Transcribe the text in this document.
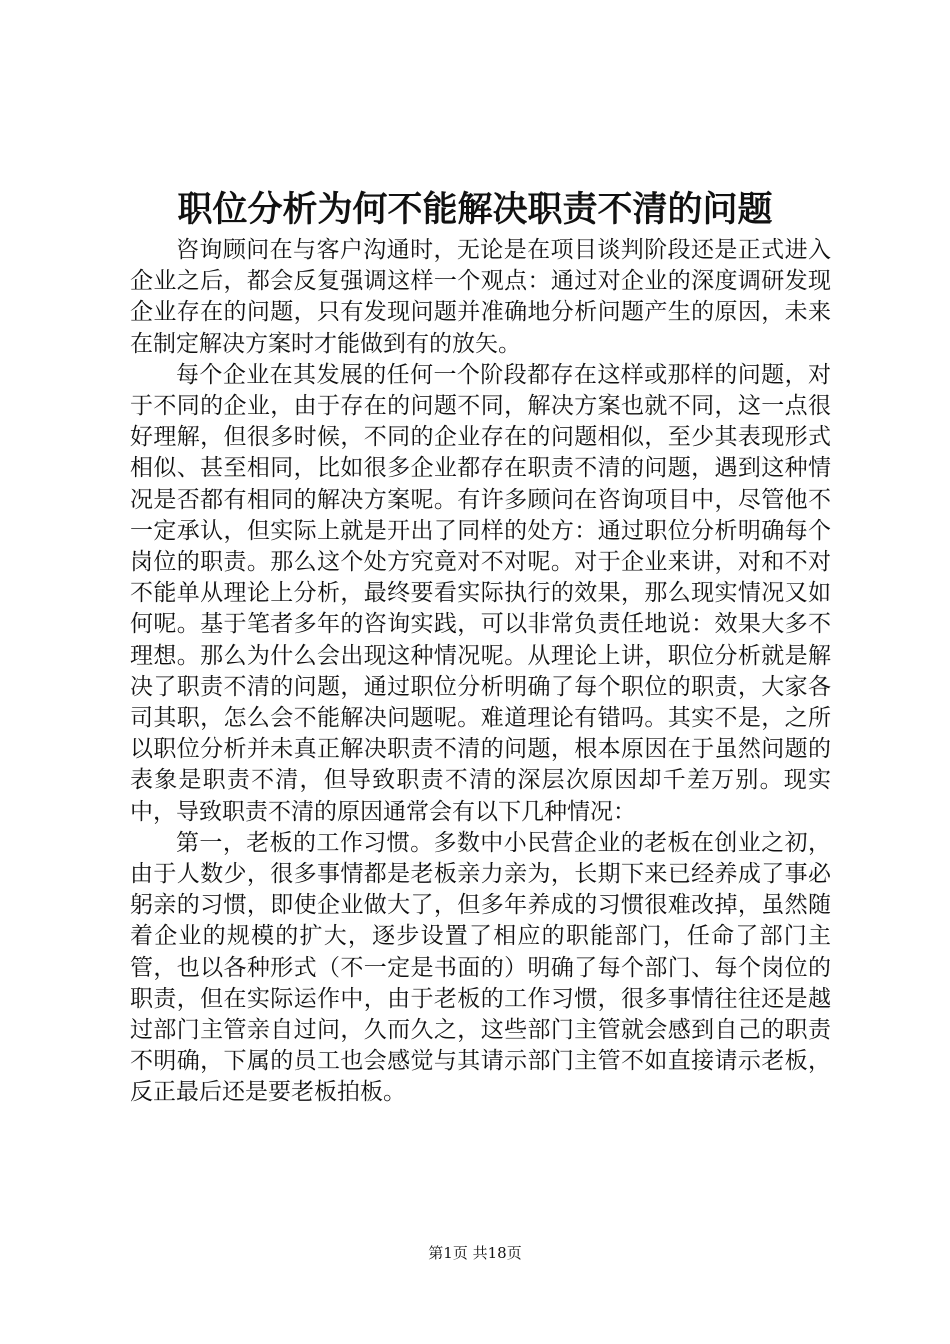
职位分析为何不能解决职责不清的问题

咨询顾问在与客户沟通时，无论是在项目谈判阶段还是正式进入企业之后，都会反复强调这样一个观点：通过对企业的深度调研发现企业存在的问题，只有发现问题并准确地分析问题产生的原因，未来在制定解决方案时才能做到有的放矢。

每个企业在其发展的任何一个阶段都存在这样或那样的问题，对于不同的企业，由于存在的问题不同，解决方案也就不同，这一点很好理解，但很多时候，不同的企业存在的问题相似，至少其表现形式相似、甚至相同，比如很多企业都存在职责不清的问题，遇到这种情况是否都有相同的解决方案呢。有许多顾问在咨询项目中，尽管他不一定承认，但实际上就是开出了同样的处方：通过职位分析明确每个岗位的职责。那么这个处方究竟对不对呢。对于企业来讲，对和不对不能单从理论上分析，最终要看实际执行的效果，那么现实情况又如何呢。基于笔者多年的咨询实践，可以非常负责任地说：效果大多不理想。那么为什么会出现这种情况呢。从理论上讲，职位分析就是解决了职责不清的问题，通过职位分析明确了每个职位的职责，大家各司其职，怎么会不能解决问题呢。难道理论有错吗。其实不是，之所以职位分析并未真正解决职责不清的问题，根本原因在于虽然问题的表象是职责不清，但导致职责不清的深层次原因却千差万别。现实中，导致职责不清的原因通常会有以下几种情况：

第一，老板的工作习惯。多数中小民营企业的老板在创业之初，由于人数少，很多事情都是老板亲力亲为，长期下来已经养成了事必躬亲的习惯，即使企业做大了，但多年养成的习惯很难改掉，虽然随着企业的规模的扩大，逐步设置了相应的职能部门，任命了部门主管，也以各种形式（不一定是书面的）明确了每个部门、每个岗位的职责，但在实际运作中，由于老板的工作习惯，很多事情往往还是越过部门主管亲自过问，久而久之，这些部门主管就会感到自己的职责不明确，下属的员工也会感觉与其请示部门主管不如直接请示老板，反正最后还是要老板拍板。

第1页 共18页
